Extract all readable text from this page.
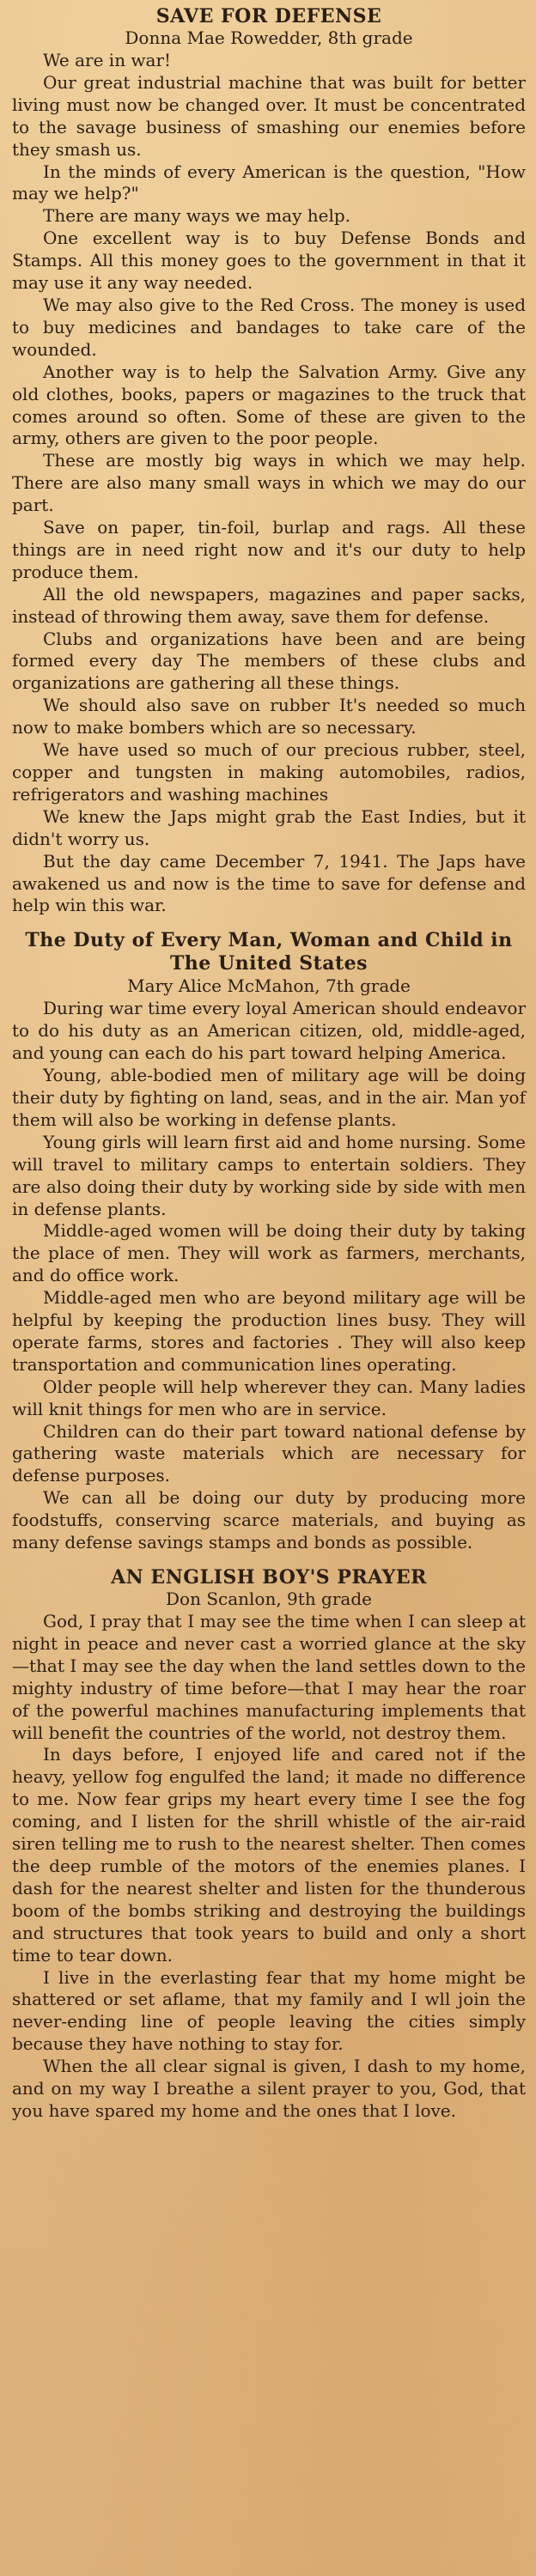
SAVE FOR DEFENSE

Donna Mae Rowedder, 8th grade

We are in war!

Our great industrial machine that was built for better living must now be changed over. It must be concentrated to the savage business of smashing our enemies before they smash us.

In the minds of every American is the question, "How may we help?"

There are many ways we may help.

One excellent way is to buy Defense Bonds and Stamps. All this money goes to the government in that it may use it any way needed.

We may also give to the Red Cross. The money is used to buy medicines and bandages to take care of the wounded.

Another way is to help the Salvation Army. Give any old clothes, books, papers or magazines to the truck that comes around so often. Some of these are given to the army, others are given to the poor people.

These are mostly big ways in which we may help. There are also many small ways in which we may do our part.

Save on paper, tin-foil, burlap and rags. All these things are in need right now and it's our duty to help produce them.

All the old newspapers, magazines and paper sacks, instead of throwing them away, save them for defense.

Clubs and organizations have been and are being formed every day The members of these clubs and organizations are gathering all these things.

We should also save on rubber It's needed so much now to make bombers which are so necessary.

We have used so much of our precious rubber, steel, copper and tungsten in making automobiles, radios, refrigerators and washing machines

We knew the Japs might grab the East Indies, but it didn't worry us.

But the day came December 7, 1941. The Japs have awakened us and now is the time to save for defense and help win this war.

The Duty of Every Man, Woman and Child in The United States

Mary Alice McMahon, 7th grade

During war time every loyal American should endeavor to do his duty as an American citizen, old, middle-aged, and young can each do his part toward helping America.

Young, able-bodied men of military age will be doing their duty by fighting on land, seas, and in the air. Man yof them will also be working in defense plants.

Young girls will learn first aid and home nursing. Some will travel to military camps to entertain soldiers. They are also doing their duty by working side by side with men in defense plants.

Middle-aged women will be doing their duty by taking the place of men. They will work as farmers, merchants, and do office work.

Middle-aged men who are beyond military age will be helpful by keeping the production lines busy. They will operate farms, stores and factories . They will also keep transportation and communication lines operating.

Older people will help wherever they can. Many ladies will knit things for men who are in service.

Children can do their part toward national defense by gathering waste materials which are necessary for defense purposes.

We can all be doing our duty by producing more foodstuffs, conserving scarce materials, and buying as many defense savings stamps and bonds as possible.

AN ENGLISH BOY'S PRAYER

Don Scanlon, 9th grade

God, I pray that I may see the time when I can sleep at night in peace and never cast a worried glance at the sky—that I may see the day when the land settles down to the mighty industry of time before—that I may hear the roar of the powerful machines manufacturing implements that will benefit the countries of the world, not destroy them.

In days before, I enjoyed life and cared not if the heavy, yellow fog engulfed the land; it made no difference to me. Now fear grips my heart every time I see the fog coming, and I listen for the shrill whistle of the air-raid siren telling me to rush to the nearest shelter. Then comes the deep rumble of the motors of the enemies planes. I dash for the nearest shelter and listen for the thunderous boom of the bombs striking and destroying the buildings and structures that took years to build and only a short time to tear down.

I live in the everlasting fear that my home might be shattered or set aflame, that my family and I wll join the never-ending line of people leaving the cities simply because they have nothing to stay for.

When the all clear signal is given, I dash to my home, and on my way I breathe a silent prayer to you, God, that you have spared my home and the ones that I love.
